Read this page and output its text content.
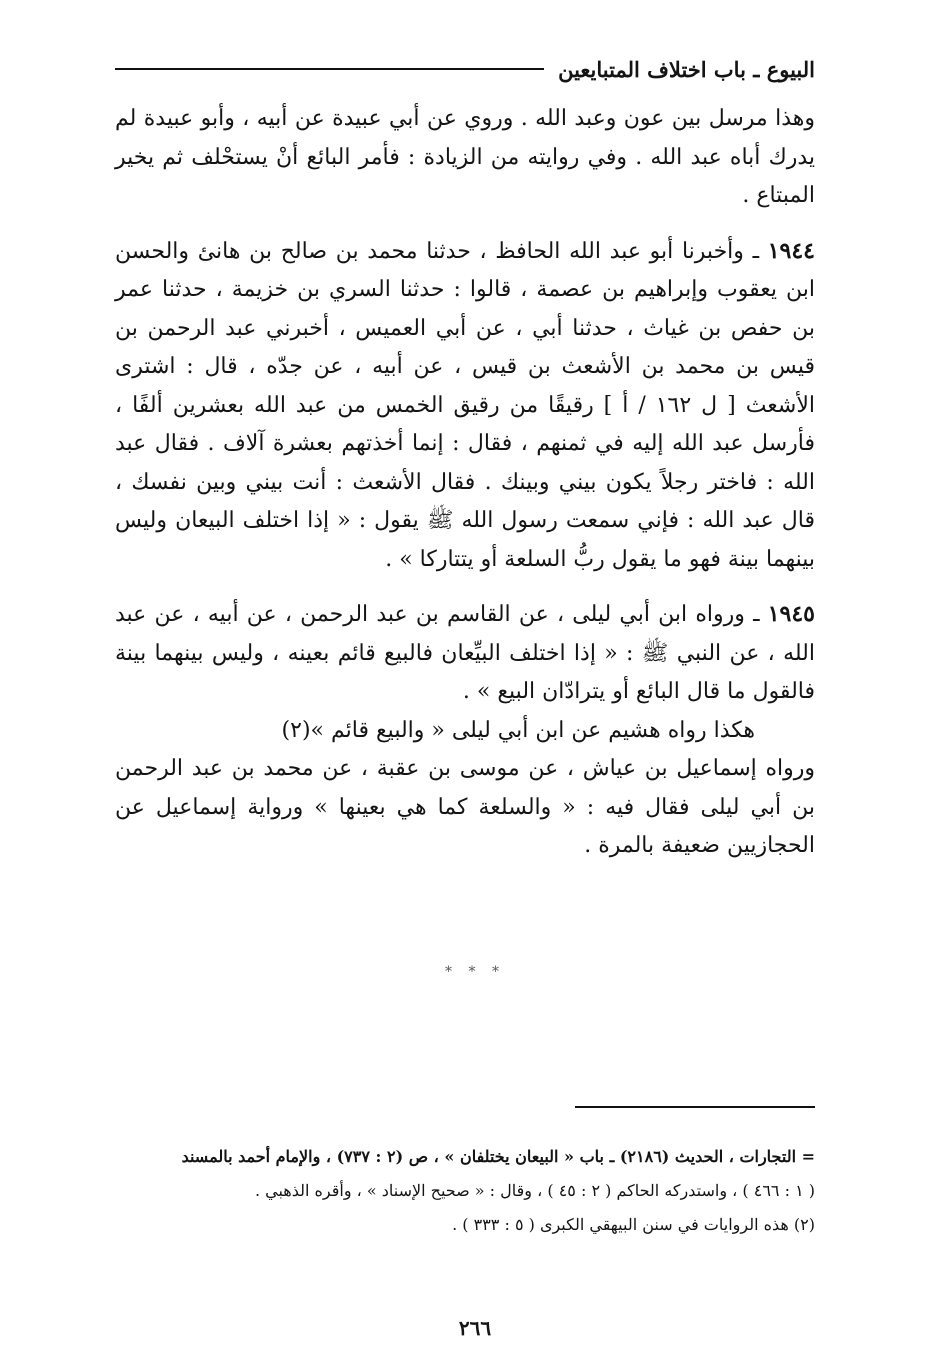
البيوع ـ باب اختلاف المتبايعين

وهذا مرسل بين عون وعبد الله . وروي عن أبي عبيدة عن أبيه ، وأبو عبيدة لم يدرك أباه عبد الله . وفي روايته من الزيادة : فأمر البائع أنْ يستحْلف ثم يخير المبتاع .

١٩٤٤ ـ وأخبرنا أبو عبد الله الحافظ ، حدثنا محمد بن صالح بن هانئ والحسن ابن يعقوب وإبراهيم بن عصمة ، قالوا : حدثنا السري بن خزيمة ، حدثنا عمر بن حفص بن غياث ، حدثنا أبي ، عن أبي العميس ، أخبرني عبد الرحمن بن قيس بن محمد بن الأشعث بن قيس ، عن أبيه ، عن جدّه ، قال : اشترى الأشعث [ ل ١٦٢ / أ ] رقيقًا من رقيق الخمس من عبد الله بعشرين ألفًا ، فأرسل عبد الله إليه في ثمنهم ، فقال : إنما أخذتهم بعشرة آلاف . فقال عبد الله : فاختر رجلاً يكون بيني وبينك . فقال الأشعث : أنت بيني وبين نفسك ، قال عبد الله : فإني سمعت رسول الله ﷺ يقول : « إذا اختلف البيعان وليس بينهما بينة فهو ما يقول ربُّ السلعة أو يتتاركا » .

١٩٤٥ ـ ورواه ابن أبي ليلى ، عن القاسم بن عبد الرحمن ، عن أبيه ، عن عبد الله ، عن النبي ﷺ : « إذا اختلف البيِّعان فالبيع قائم بعينه ، وليس بينهما بينة فالقول ما قال البائع أو يترادّان البيع » .

هكذا رواه هشيم عن ابن أبي ليلى « والبيع قائم »(٢)

ورواه إسماعيل بن عياش ، عن موسى بن عقبة ، عن محمد بن عبد الرحمن بن أبي ليلى فقال فيه : « والسلعة كما هي بعينها » ورواية إسماعيل عن الحجازيين ضعيفة بالمرة .

* * *

= التجارات ، الحديث (٢١٨٦) ـ باب « البيعان يختلفان » ، ص (٢ : ٧٣٧) ، والإمام أحمد بالمسند

( ١ : ٤٦٦ ) ، واستدركه الحاكم ( ٢ : ٤٥ ) ، وقال : « صحيح الإسناد » ، وأقره الذهبي .

(٢) هذه الروايات في سنن البيهقي الكبرى ( ٥ : ٣٣٣ ) .

٢٦٦
